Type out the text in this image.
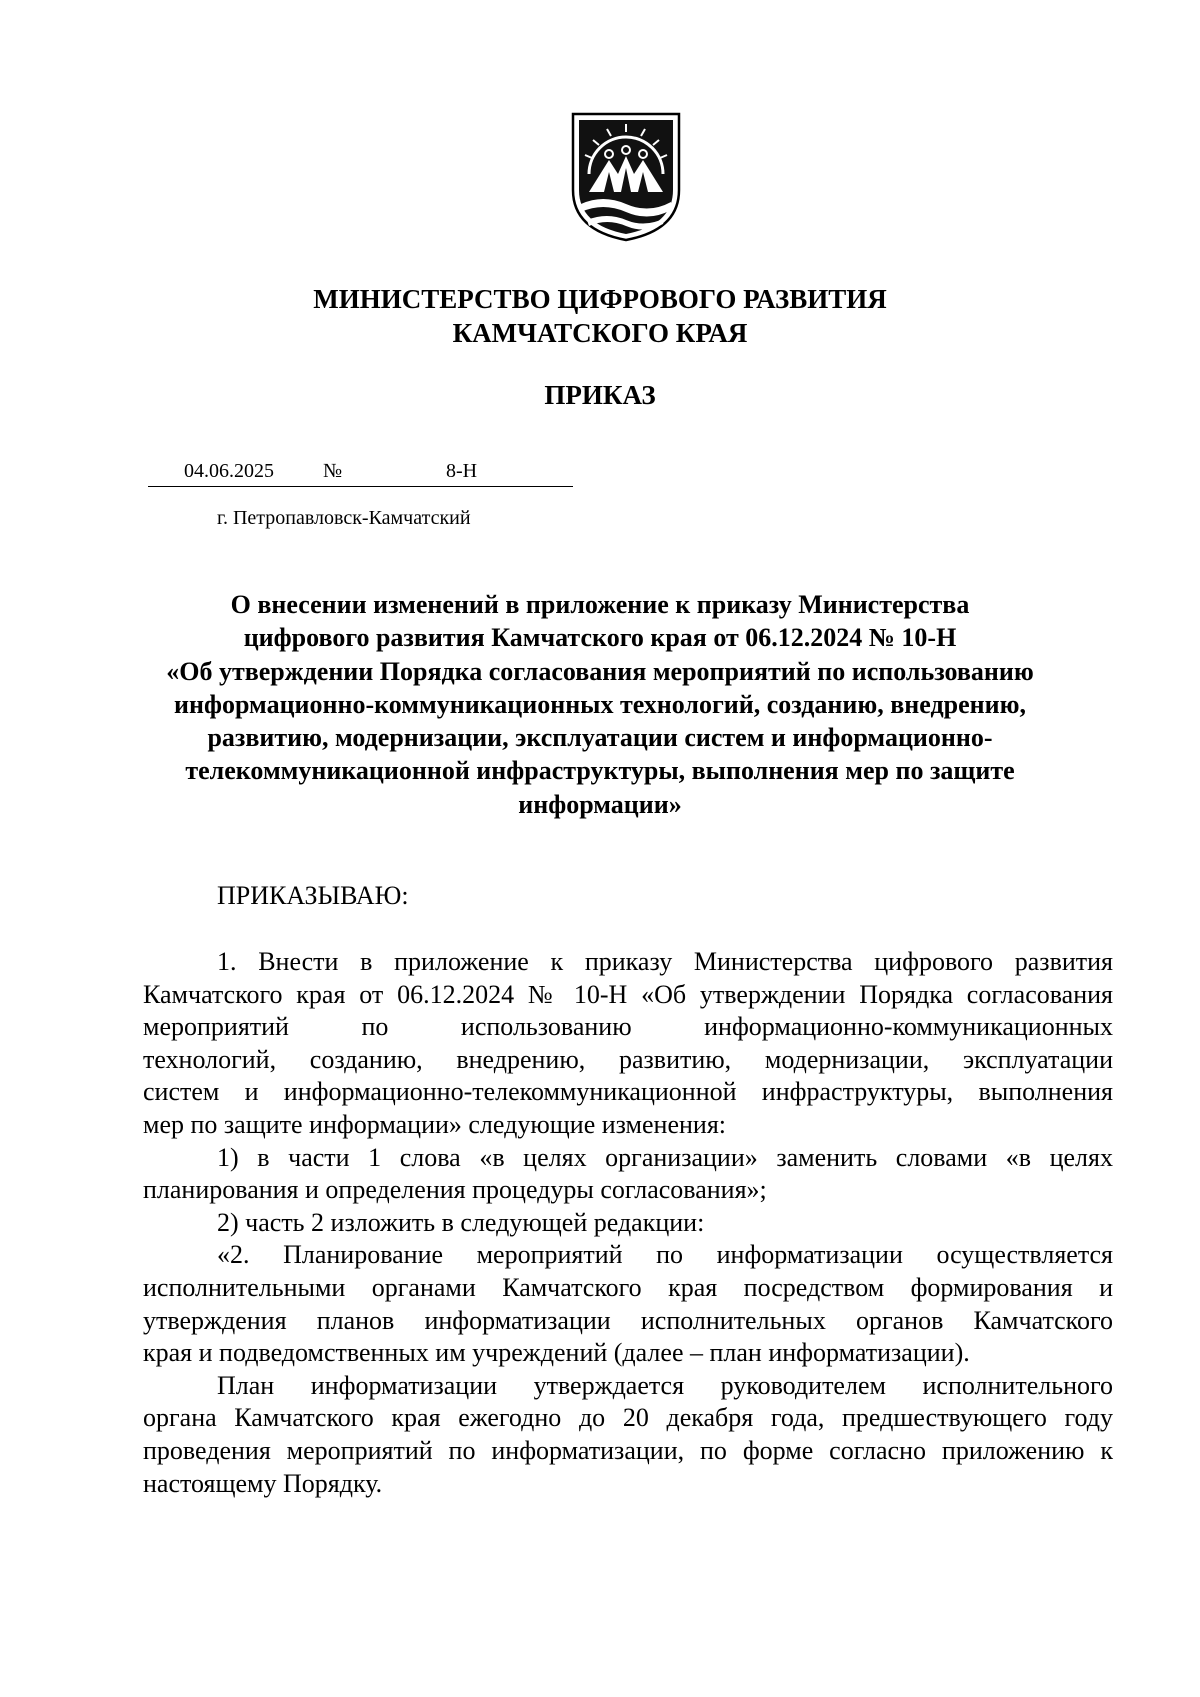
МИНИСТЕРСТВО ЦИФРОВОГО РАЗВИТИЯ
КАМЧАТСКОГО КРАЯ
ПРИКАЗ
04.06.2025 №	8-Н
г. Петропавловск-Камчатский
О внесении изменений в приложение к приказу Министерства
цифрового развития Камчатского края от 06.12.2024 № 10-Н
«Об утверждении Порядка согласования мероприятий по использованию
информационно-коммуникационных технологий, созданию, внедрению,
развитию, модернизации, эксплуатации систем и информационно-
телекоммуникационной инфраструктуры, выполнения мер по защите
информации»
ПРИКАЗЫВАЮ:
1. Внести в приложение к приказу Министерства цифрового развития
Камчатского края от 06.12.2024 № 10-Н «Об утверждении Порядка согласования
мероприятий по использованию информационно-коммуникационных
технологий, созданию, внедрению, развитию, модернизации, эксплуатации
систем и информационно-телекоммуникационной инфраструктуры, выполнения
мер по защите информации» следующие изменения:
1) в части 1 слова «в целях организации» заменить словами «в целях
планирования и определения процедуры согласования»;
2) часть 2 изложить в следующей редакции:
«2. Планирование мероприятий по информатизации осуществляется
исполнительными органами Камчатского края посредством формирования и
утверждения планов информатизации исполнительных органов Камчатского
края и подведомственных им учреждений (далее – план информатизации).
План информатизации утверждается руководителем исполнительного
органа Камчатского края ежегодно до 20 декабря года, предшествующего году
проведения мероприятий по информатизации, по форме согласно приложению к
настоящему Порядку.
